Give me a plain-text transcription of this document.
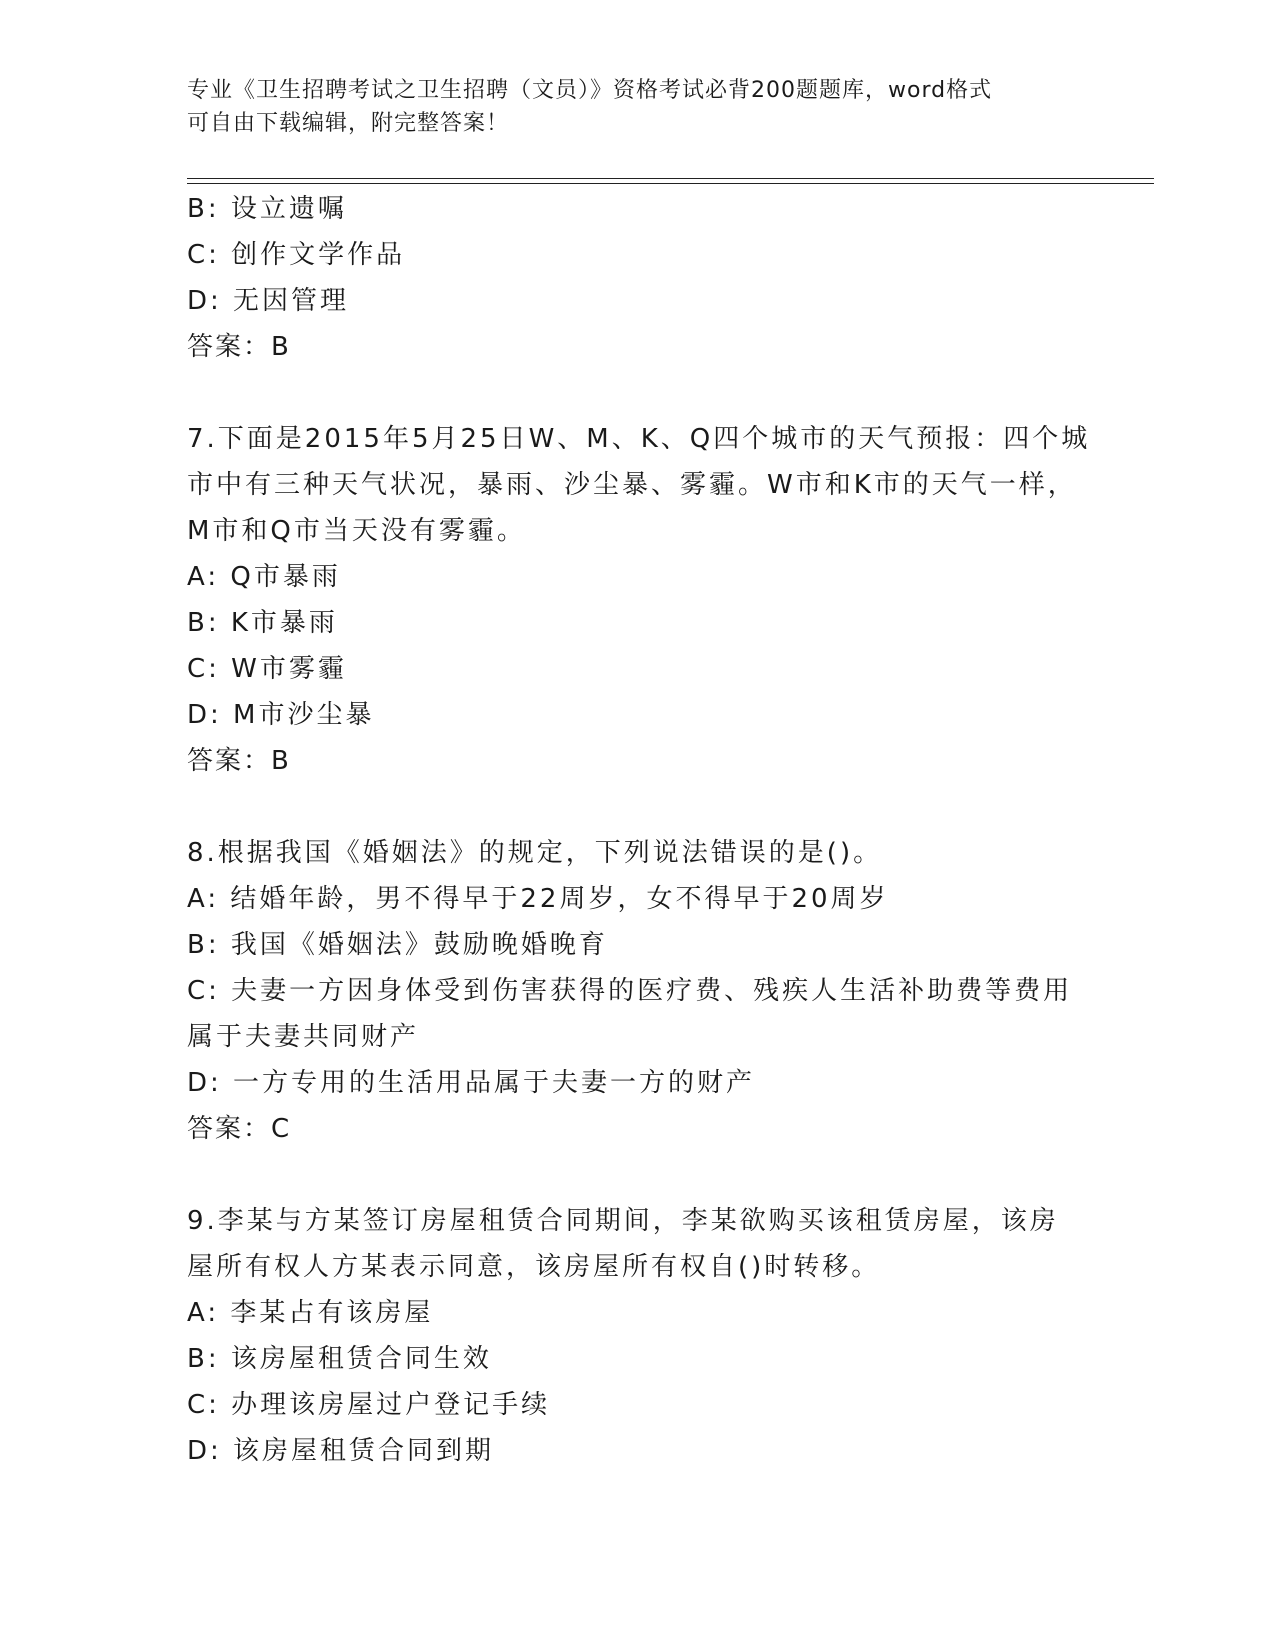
专业《卫生招聘考试之卫生招聘（文员）》资格考试必背200题题库，word格式
可自由下载编辑，附完整答案！
B: 设立遗嘱
C: 创作文学作品
D: 无因管理
答案：B
7.下面是2015年5月25日W、M、K、Q四个城市的天气预报：四个城
市中有三种天气状况，暴雨、沙尘暴、雾霾。W市和K市的天气一样，
M市和Q市当天没有雾霾。
A: Q市暴雨
B: K市暴雨
C: W市雾霾
D: M市沙尘暴
答案：B
8.根据我国《婚姻法》的规定，下列说法错误的是()。
A: 结婚年龄，男不得早于22周岁，女不得早于20周岁
B: 我国《婚姻法》鼓励晚婚晚育
C: 夫妻一方因身体受到伤害获得的医疗费、残疾人生活补助费等费用
属于夫妻共同财产
D: 一方专用的生活用品属于夫妻一方的财产
答案：C
9.李某与方某签订房屋租赁合同期间，李某欲购买该租赁房屋，该房
屋所有权人方某表示同意，该房屋所有权自()时转移。
A: 李某占有该房屋
B: 该房屋租赁合同生效
C: 办理该房屋过户登记手续
D: 该房屋租赁合同到期
